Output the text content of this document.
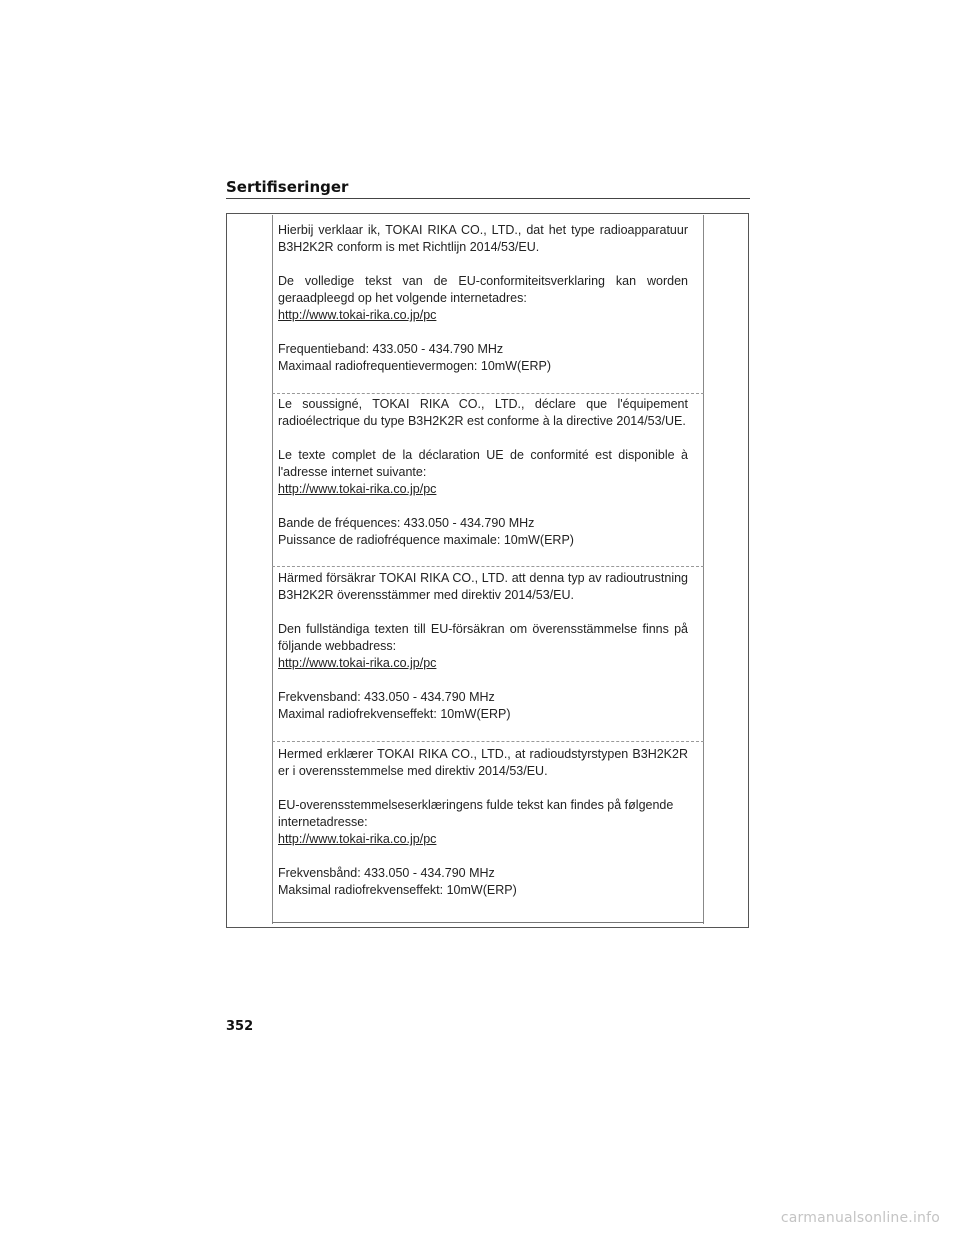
Sertifiseringer

Hierbij verklaar ik, TOKAI RIKA CO., LTD., dat het type radioapparatuur B3H2K2R conform is met Richtlijn 2014/53/EU.

De volledige tekst van de EU-conformiteitsverklaring kan worden geraadpleegd op het volgende internetadres:

http://www.tokai-rika.co.jp/pc

Frequentieband: 433.050 - 434.790 MHz

Maximaal radiofrequentievermogen: 10mW(ERP)

Le soussigné, TOKAI RIKA CO., LTD., déclare que l'équipement radioélectrique du type B3H2K2R est conforme à la directive 2014/53/UE.

Le texte complet de la déclaration UE de conformité est disponible à l'adresse internet suivante:

http://www.tokai-rika.co.jp/pc

Bande de fréquences: 433.050 - 434.790 MHz

Puissance de radiofréquence maximale: 10mW(ERP)

Härmed försäkrar TOKAI RIKA CO., LTD. att denna typ av radioutrustning B3H2K2R överensstämmer med direktiv 2014/53/EU.

Den fullständiga texten till EU-försäkran om överensstämmelse finns på följande webbadress:

http://www.tokai-rika.co.jp/pc

Frekvensband: 433.050 - 434.790 MHz

Maximal radiofrekvenseffekt: 10mW(ERP)

Hermed erklærer TOKAI RIKA CO., LTD., at radioudstyrstypen B3H2K2R er i overensstemmelse med direktiv 2014/53/EU.

EU-overensstemmelseserklæringens fulde tekst kan findes på følgende internetadresse:

http://www.tokai-rika.co.jp/pc

Frekvensbånd: 433.050 - 434.790 MHz

Maksimal radiofrekvenseffekt: 10mW(ERP)

352
carmanualsonline.info
